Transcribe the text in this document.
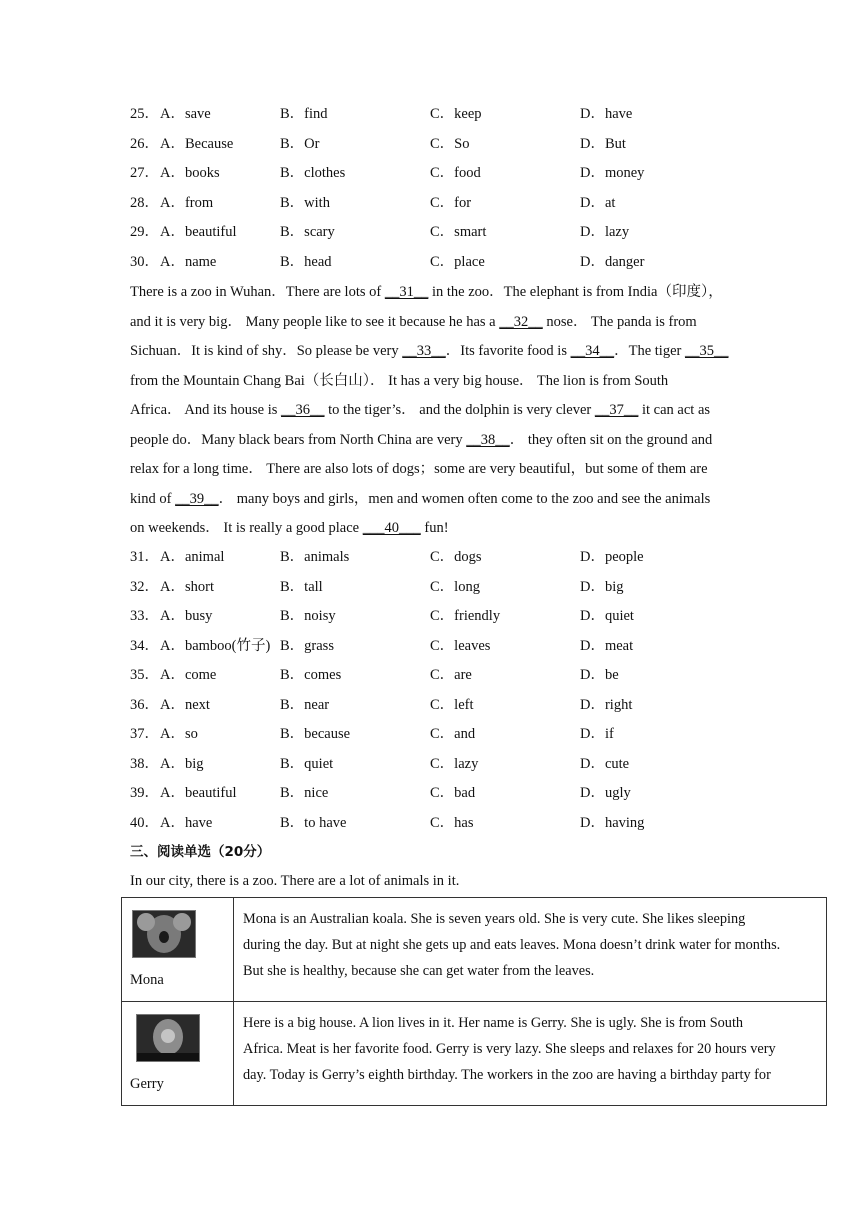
25． A．save	B．find	C．keep	D．have
26． A．Because	B．Or	C．So	D．But
27． A．books	B．clothes	C．food	D．money
28． A．from	B．with	C．for	D．at
29． A．beautiful	B．scary	C．smart	D．lazy
30． A．name	B．head	C．place	D．danger
There is a zoo in Wuhan．There are lots of __31__ in the zoo．The elephant is from India（印度），
and it is very big． Many people like to see it because he has a __32__ nose． The panda is from
Sichuan．It is kind of shy．So please be very __33__．Its favorite food is __34__．The tiger __35__
from the Mountain Chang Bai（长白山）． It has a very big house． The lion is from South
Africa． And its house is __36__ to the tiger’s． and the dolphin is very clever __37__ it can act as
people do．Many black bears from North China are very __38__． they often sit on the ground and
relax for a long time． There are also lots of dogs；some are very beautiful，but some of them are
kind of __39__． many boys and girls，men and women often come to the zoo and see the animals
on weekends． It is really a good place ___40___ fun!
31． A．animal	B．animals	C．dogs	D．people
32． A．short	B．tall	C．long	D．big
33． A．busy	B．noisy	C．friendly	D．quiet
34． A．bamboo(竹子) B．grass	C．leaves	D．meat
35． A．come	B．comes	C．are	D．be
36． A．next	B．near	C．left	D．right
37． A．so	B．because	C．and	D．if
38． A．big	B．quiet	C．lazy	D．cute
39． A．beautiful	B．nice	C．bad	D．ugly
40． A．have	B．to have	C．has	D．having
三、阅读单选（20分）
In our city, there is a zoo. There are a lot of animals in it.
Mona	Mona is an Australian koala. She is seven years old. She is very cute. She likes sleeping
during the day. But at night she gets up and eats leaves. Mona doesn’t drink water for months.
But she is healthy, because she can get water from the leaves.

Gerry	Here is a big house. A lion lives in it. Her name is Gerry. She is ugly. She is from South
Africa. Meat is her favorite food. Gerry is very lazy. She sleeps and relaxes for 20 hours very
day. Today is Gerry’s eighth birthday. The workers in the zoo are having a birthday party for
